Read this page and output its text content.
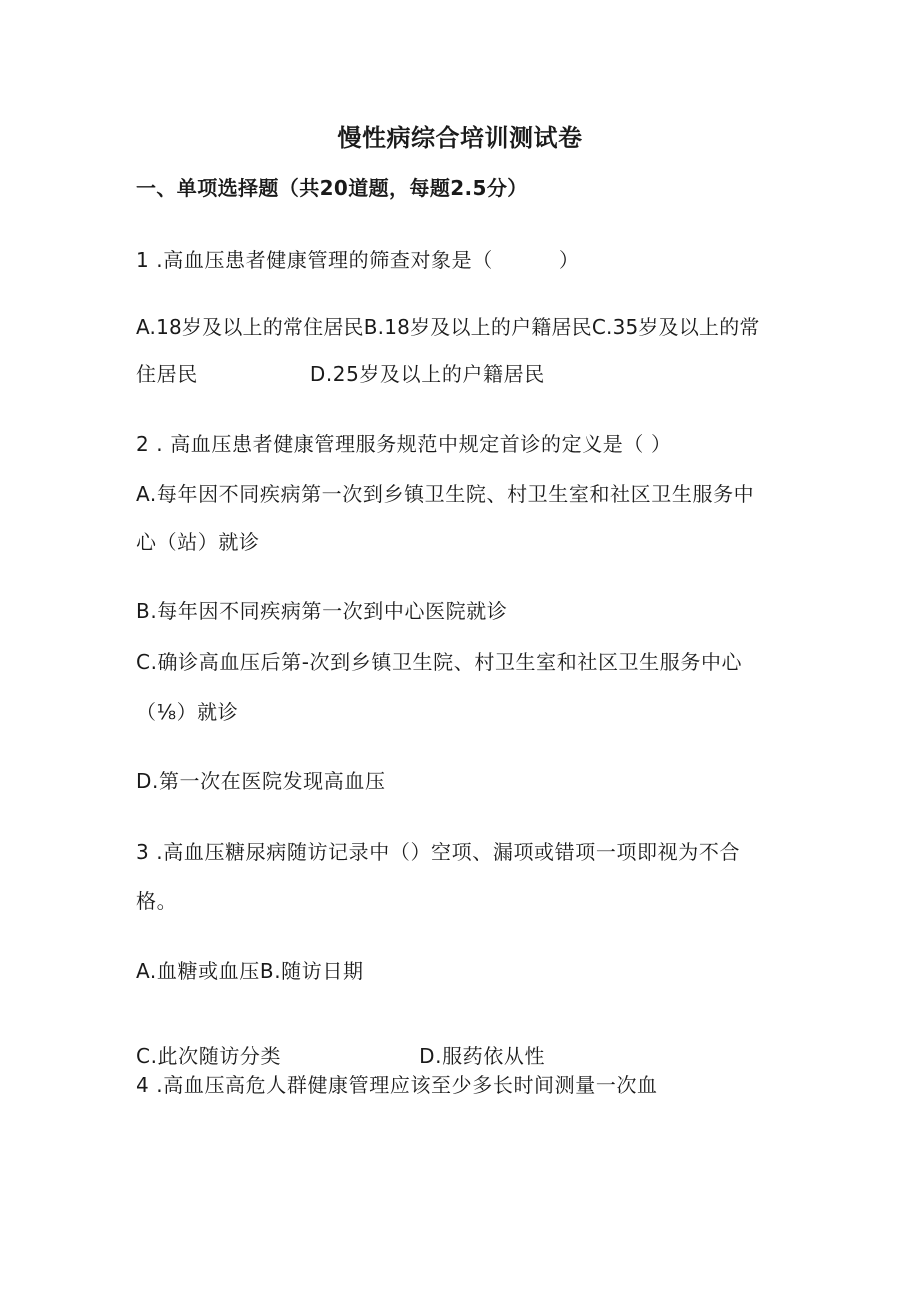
慢性病综合培训测试卷
一、单项选择题（共20道题，每题2.5分）
1 .高血压患者健康管理的筛查对象是（	）
A.18岁及以上的常住居民B.18岁及以上的户籍居民C.35岁及以上的常
住居民	D.25岁及以上的户籍居民
2 . 高血压患者健康管理服务规范中规定首诊的定义是（ ）
A.每年因不同疾病第一次到乡镇卫生院、村卫生室和社区卫生服务中
心（站）就诊
B.每年因不同疾病第一次到中心医院就诊
C.确诊高血压后第-次到乡镇卫生院、村卫生室和社区卫生服务中心
（⅛）就诊
D.第一次在医院发现高血压
3 .高血压糖尿病随访记录中（）空项、漏项或错项一项即视为不合
格。
A.血糖或血压B.随访日期
C.此次随访分类	D.服药依从性
4 .高血压高危人群健康管理应该至少多长时间测量一次血
